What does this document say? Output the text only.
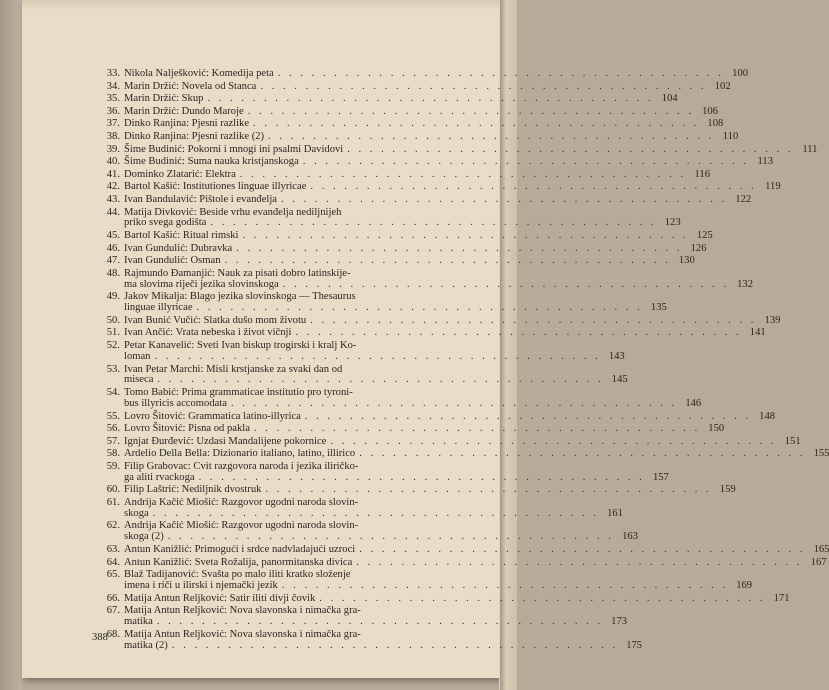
33. Nikola Nalješković: Komedija peta . . .	100
34. Marin Držić: Novela od Stanca . . .	102
35. Marin Držić: Skup . . .	104
36. Marin Držić: Dundo Maroje . . .	106
37. Dinko Ranjina: Pjesni razlike . . .	108
38. Dinko Ranjina: Pjesni razlike (2) . . .	110
39. Šime Budinić: Pokorni i mnogi ini psalmi Davidovi . . .	111
40. Šime Budinić: Suma nauka kristjanskoga . . .	113
41. Dominko Zlatarić: Elektra . . .	116
42. Bartol Kašić: Institutiones linguae illyricae . . .	119
43. Ivan Bandulavić: Pištole i evanđelja . . .	122
44. Matija Divković: Beside vrhu evanđelja nediljnijeh
priko svega godišta . . .	123
45. Bartol Kašić: Ritual rimski . . .	125
46. Ivan Gundulić: Dubravka . . .	126
47. Ivan Gundulić: Osman . . .	130
48. Rajmundo Đamanjić: Nauk za pisati dobro latinskije-
ma slovima riječi jezika slovinskoga . . .	132
49. Jakov Mikalja: Blago jezika slovinskoga — Thesaurus
linguae illyricae . . .	135
50. Ivan Bunić Vučić: Slatka dušo mom životu . . .	139
51. Ivan Ančić: Vrata nebeska i život vičnji . . .	141
52. Petar Kanavelić: Sveti Ivan biskup trogirski i kralj Ko-
loman . . .	143
53. Ivan Petar Marchi: Misli krstjanske za svaki dan od
miseca . . .	145
54. Tomo Babić: Prima grammaticae institutio pro tyroni-
bus illyricis accomodata . . .	146
55. Lovro Šitović: Grammatica latino-illyrica . . .	148
56. Lovro Šitović: Pisna od pakla . . .	150
57. Ignjat Đurđević: Uzdasi Mandalijene pokornice . . .	151
58. Ardelio Della Bella: Dizionario italiano, latino, illirico . . .	155
59. Filip Grabovac: Cvit razgovora naroda i jezika iliričko-
ga aliti rvackoga . . .	157
60. Filip Laštrić: Nediljnik dvostruk . . .	159
61. Andrija Kačić Miošić: Razgovor ugodni naroda slovin-
skoga . . .	161
62. Andrija Kačić Miošić: Razgovor ugodni naroda slovin-
skoga (2) . . .	163
63. Antun Kanižlić: Primogući i srdce nadvladajući uzroci . . .	165
64. Antun Kanižlić: Sveta Rožalija, panormitanska divica . . .	167
65. Blaž Tadijanović: Svašta po malo iliti kratko složenje
imena i riči u ilirski i njemački jezik . . .	169
66. Matija Antun Reljković: Satir iliti divji čovik . . .	171
67. Matija Antun Reljković: Nova slavonska i nimačka gra-
matika . . .	173
68. Matija Antun Reljković: Nova slavonska i nimačka gra-
matika (2) . . .	175
388
